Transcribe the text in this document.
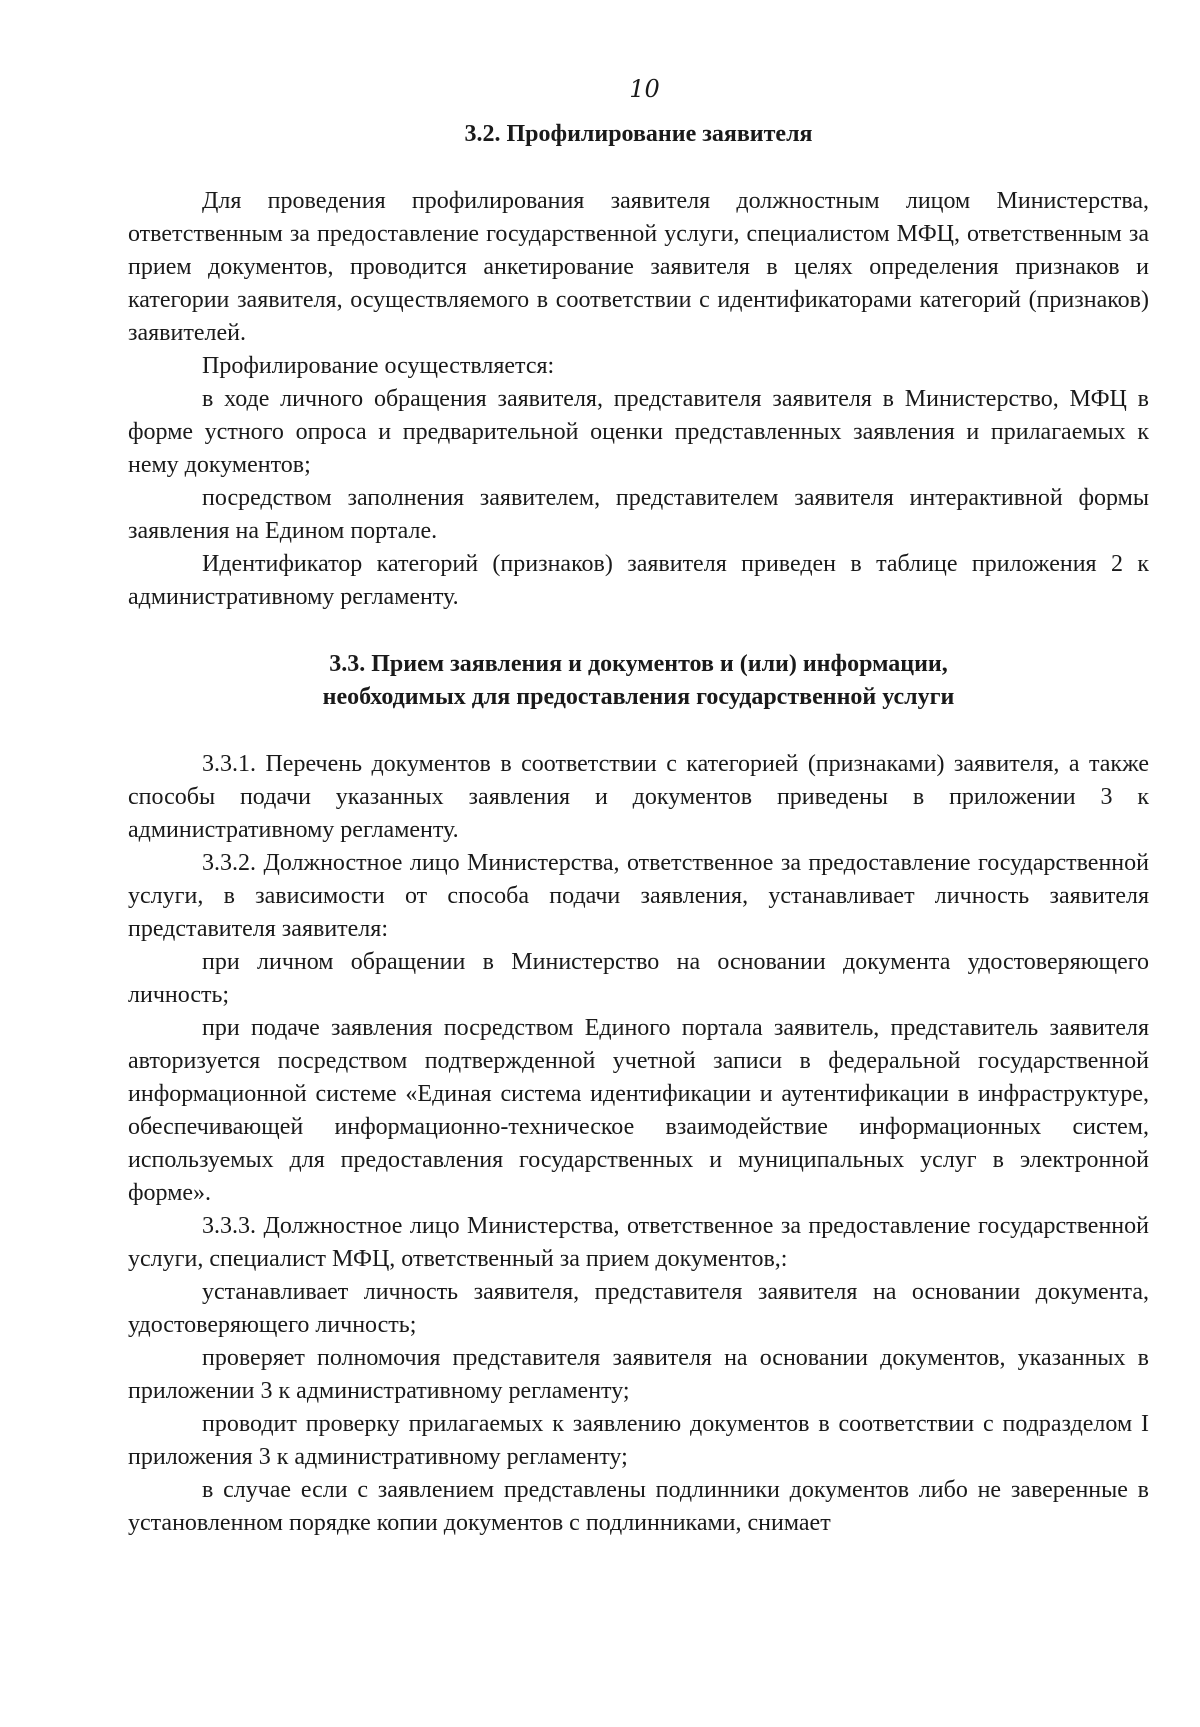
10
3.2. Профилирование заявителя

Для проведения профилирования заявителя должностным лицом Министерства, ответственным за предоставление государственной услуги, специалистом МФЦ, ответственным за прием документов, проводится анкетирование заявителя в целях определения признаков и категории заявителя, осуществляемого в соответствии с идентификаторами категорий (признаков) заявителей.

Профилирование осуществляется:

в ходе личного обращения заявителя, представителя заявителя в Министерство, МФЦ в форме устного опроса и предварительной оценки представленных заявления и прилагаемых к нему документов;

посредством заполнения заявителем, представителем заявителя интерактивной формы заявления на Едином портале.

Идентификатор категорий (признаков) заявителя приведен в таблице приложения 2 к административному регламенту.

3.3. Прием заявления и документов и (или) информации,
необходимых для предоставления государственной услуги

3.3.1. Перечень документов в соответствии с категорией (признаками) заявителя, а также способы подачи указанных заявления и документов приведены в приложении 3 к административному регламенту.

3.3.2. Должностное лицо Министерства, ответственное за предоставление государственной услуги, в зависимости от способа подачи заявления, устанавливает личность заявителя представителя заявителя:

при личном обращении в Министерство на основании документа удостоверяющего личность;

при подаче заявления посредством Единого портала заявитель, представитель заявителя авторизуется посредством подтвержденной учетной записи в федеральной государственной информационной системе «Единая система идентификации и аутентификации в инфраструктуре, обеспечивающей информационно-техническое взаимодействие информационных систем, используемых для предоставления государственных и муниципальных услуг в электронной форме».

3.3.3. Должностное лицо Министерства, ответственное за предоставление государственной услуги, специалист МФЦ, ответственный за прием документов,:

устанавливает личность заявителя, представителя заявителя на основании документа, удостоверяющего личность;

проверяет полномочия представителя заявителя на основании документов, указанных в приложении 3 к административному регламенту;

проводит проверку прилагаемых к заявлению документов в соответствии с подразделом I приложения 3 к административному регламенту;

в случае если с заявлением представлены подлинники документов либо не заверенные в установленном порядке копии документов с подлинниками, снимает
